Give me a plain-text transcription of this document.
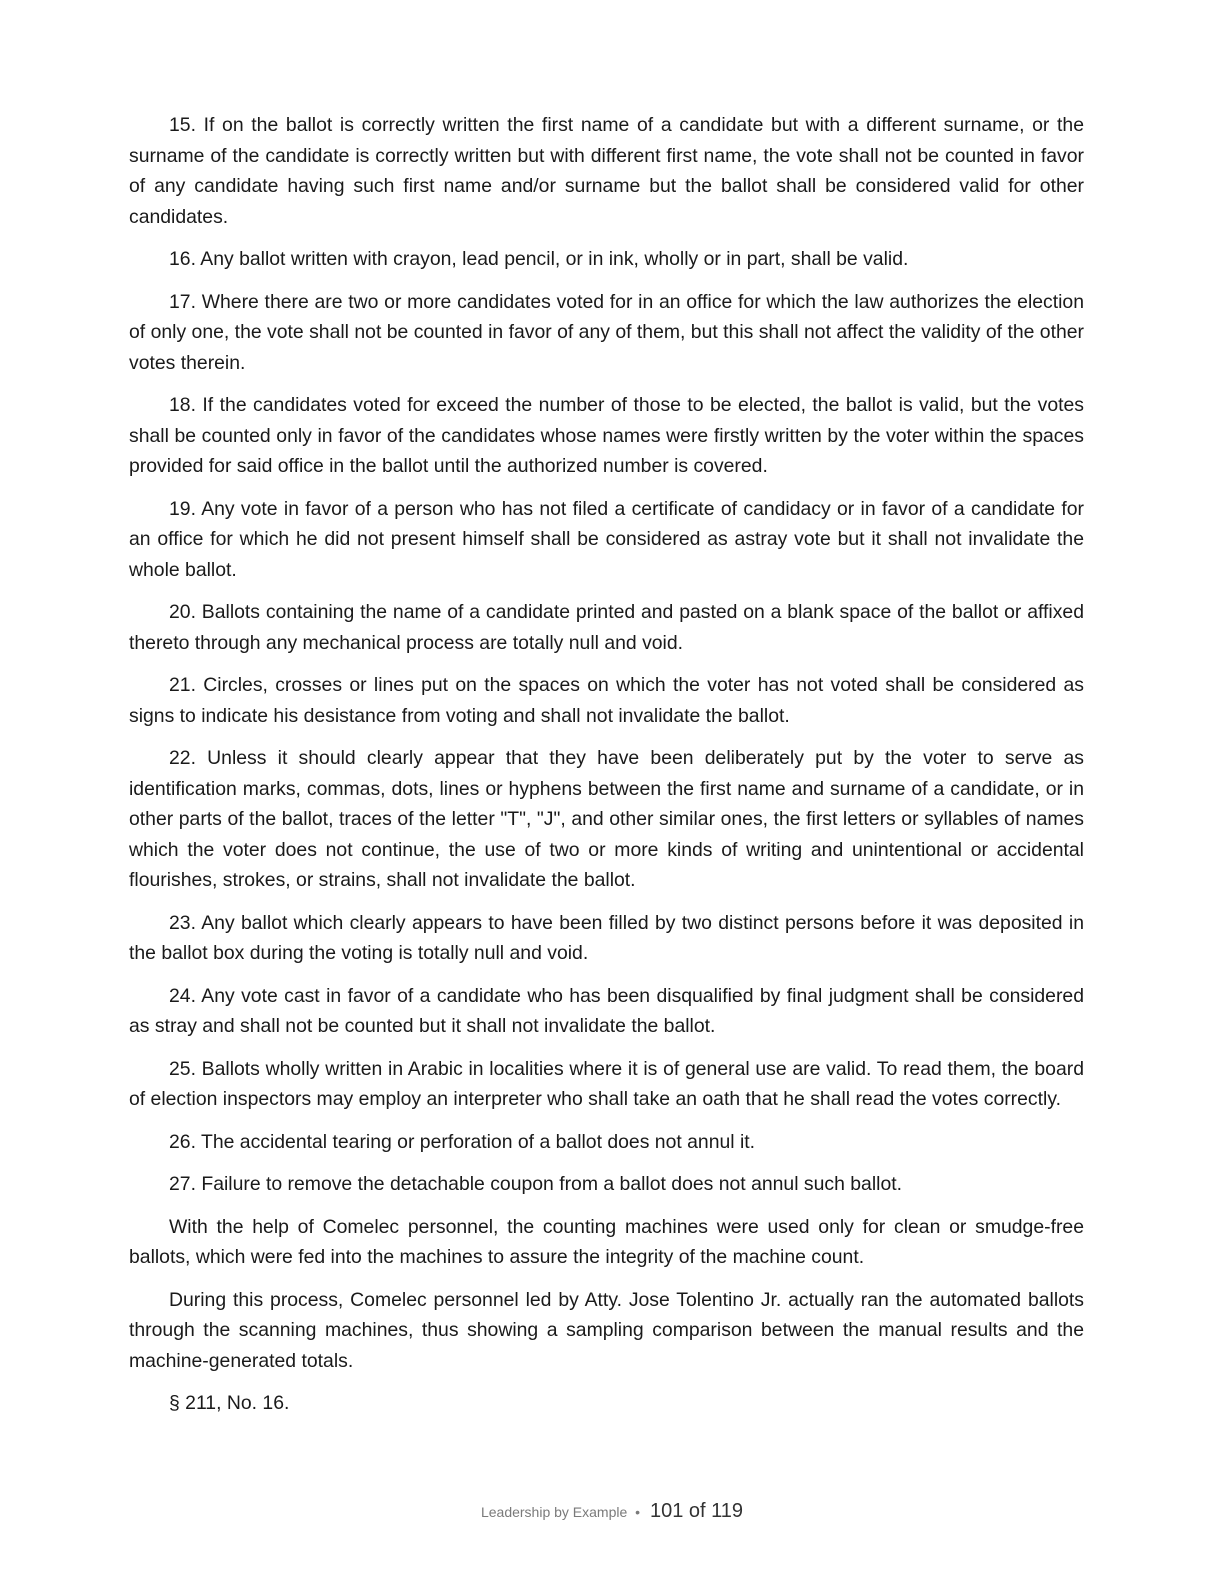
15. If on the ballot is correctly written the first name of a candidate but with a different surname, or the surname of the candidate is correctly written but with different first name, the vote shall not be counted in favor of any candidate having such first name and/or surname but the ballot shall be considered valid for other candidates.

16. Any ballot written with crayon, lead pencil, or in ink, wholly or in part, shall be valid.

17. Where there are two or more candidates voted for in an office for which the law authorizes the election of only one, the vote shall not be counted in favor of any of them, but this shall not affect the validity of the other votes therein.

18. If the candidates voted for exceed the number of those to be elected, the ballot is valid, but the votes shall be counted only in favor of the candidates whose names were firstly written by the voter within the spaces provided for said office in the ballot until the authorized number is covered.

19. Any vote in favor of a person who has not filed a certificate of candidacy or in favor of a candidate for an office for which he did not present himself shall be considered as astray vote but it shall not invalidate the whole ballot.

20. Ballots containing the name of a candidate printed and pasted on a blank space of the ballot or affixed thereto through any mechanical process are totally null and void.

21. Circles, crosses or lines put on the spaces on which the voter has not voted shall be considered as signs to indicate his desistance from voting and shall not invalidate the ballot.

22. Unless it should clearly appear that they have been deliberately put by the voter to serve as identification marks, commas, dots, lines or hyphens between the first name and surname of a candidate, or in other parts of the ballot, traces of the letter "T", "J", and other similar ones, the first letters or syllables of names which the voter does not continue, the use of two or more kinds of writing and unintentional or accidental flourishes, strokes, or strains, shall not invalidate the ballot.

23. Any ballot which clearly appears to have been filled by two distinct persons before it was deposited in the ballot box during the voting is totally null and void.

24. Any vote cast in favor of a candidate who has been disqualified by final judgment shall be considered as stray and shall not be counted but it shall not invalidate the ballot.

25. Ballots wholly written in Arabic in localities where it is of general use are valid. To read them, the board of election inspectors may employ an interpreter who shall take an oath that he shall read the votes correctly.

26. The accidental tearing or perforation of a ballot does not annul it.

27. Failure to remove the detachable coupon from a ballot does not annul such ballot.

With the help of Comelec personnel, the counting machines were used only for clean or smudge-free ballots, which were fed into the machines to assure the integrity of the machine count.

During this process, Comelec personnel led by Atty. Jose Tolentino Jr. actually ran the automated ballots through the scanning machines, thus showing a sampling comparison between the manual results and the machine-generated totals.

§ 211, No. 16.

Leadership by Example • 101 of 119
